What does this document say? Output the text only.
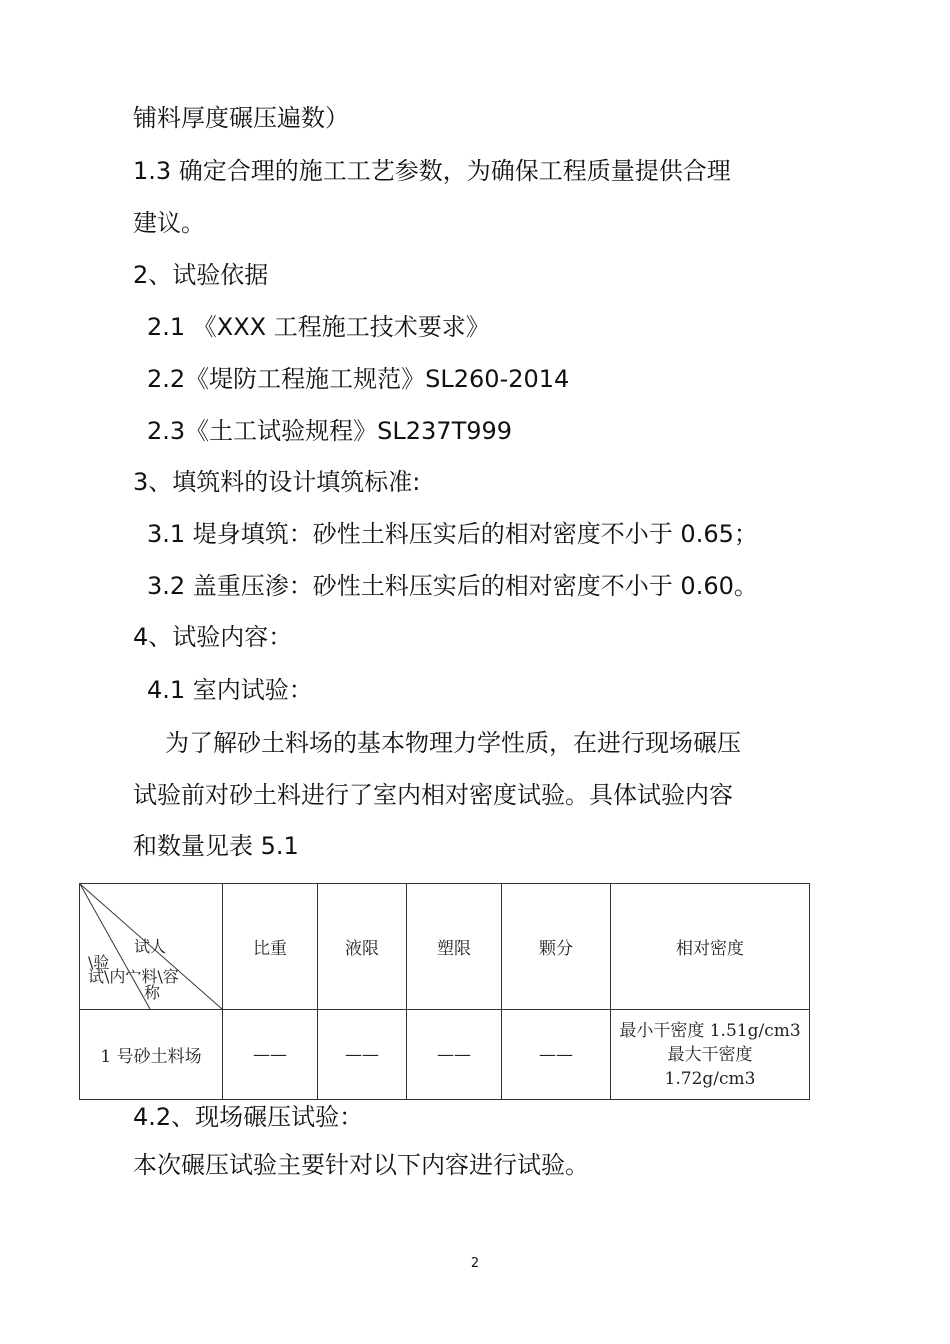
铺料厚度碾压遍数）
1.3 确定合理的施工工艺参数，为确保工程质量提供合理
建议。
2、试验依据
2.1 《XXX 工程施工技术要求》
2.2《堤防工程施工规范》SL260-2014
2.3《土工试验规程》SL237T999
3、填筑料的设计填筑标准:
3.1 堤身填筑：砂性土料压实后的相对密度不小于 0.65；
3.2 盖重压渗：砂性土料压实后的相对密度不小于 0.60。
4、试验内容：
4.1 室内试验：
为了解砂土料场的基本物理力学性质，在进行现场碾压
试验前对砂土料进行了室内相对密度试验。具体试验内容
和数量见表 5.1
试人
\验
试\内宀料\容
称	比重	液限	塑限	颗分	相对密度
1 号砂土料场	——	——	——	——	最小干密度 1.51g/cm3
最大干密度
1.72g/cm3
4.2、现场碾压试验：
本次碾压试验主要针对以下内容进行试验。
2
